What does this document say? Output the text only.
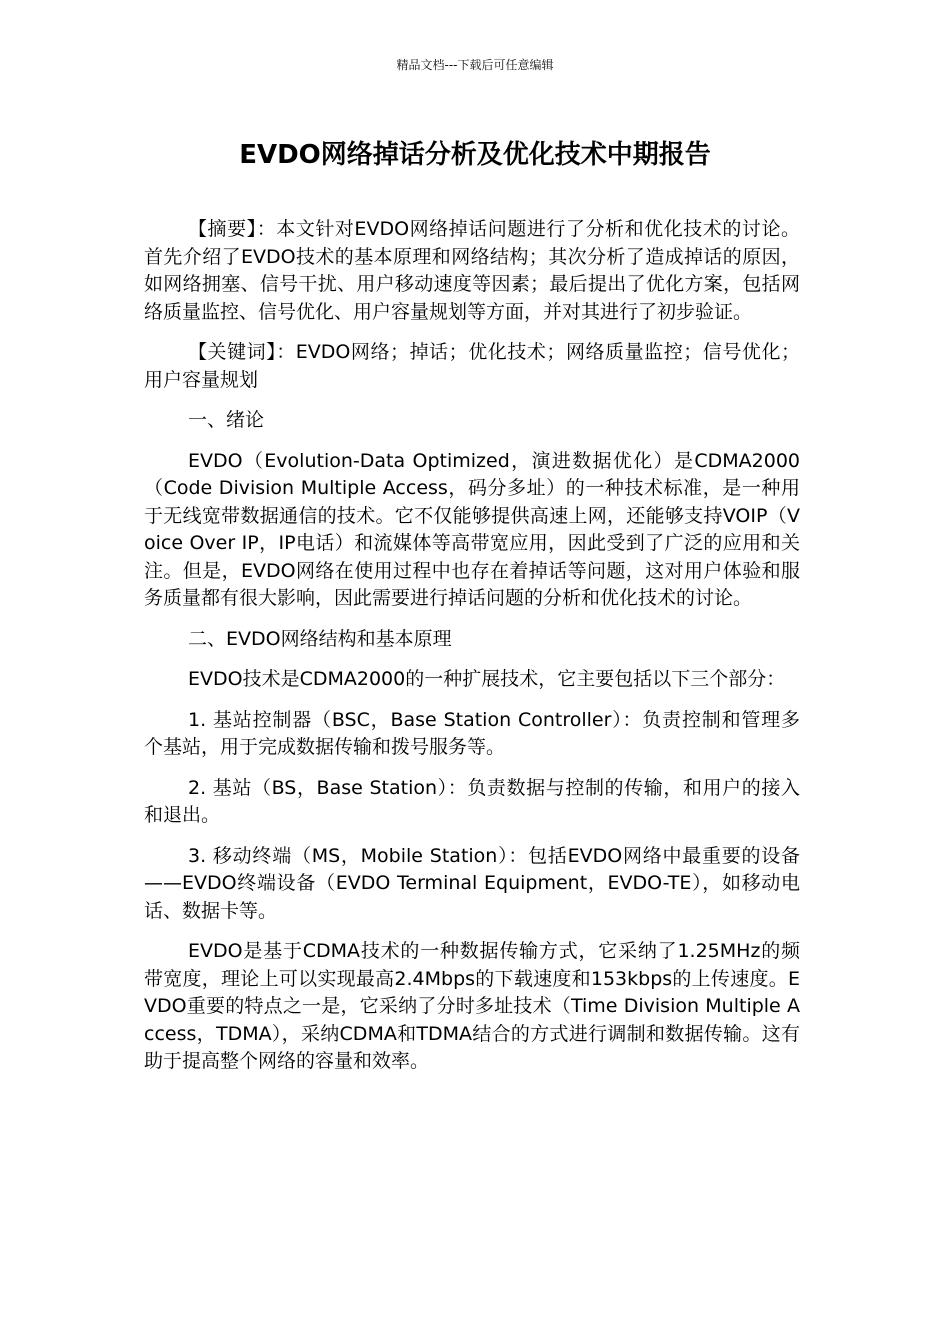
精品文档---下载后可任意编辑
EVDO网络掉话分析及优化技术中期报告

【摘要】：本文针对EVDO网络掉话问题进行了分析和优化技术的讨论。首先介绍了EVDO技术的基本原理和网络结构；其次分析了造成掉话的原因，如网络拥塞、信号干扰、用户移动速度等因素；最后提出了优化方案，包括网络质量监控、信号优化、用户容量规划等方面，并对其进行了初步验证。

【关键词】：EVDO网络；掉话；优化技术；网络质量监控；信号优化；用户容量规划

一、绪论

EVDO（Evolution-Data Optimized，演进数据优化）是CDMA2000（Code Division Multiple Access，码分多址）的一种技术标准，是一种用于无线宽带数据通信的技术。它不仅能够提供高速上网，还能够支持VOIP（Voice Over IP，IP电话）和流媒体等高带宽应用，因此受到了广泛的应用和关注。但是，EVDO网络在使用过程中也存在着掉话等问题，这对用户体验和服务质量都有很大影响，因此需要进行掉话问题的分析和优化技术的讨论。

二、EVDO网络结构和基本原理

EVDO技术是CDMA2000的一种扩展技术，它主要包括以下三个部分：

1. 基站控制器（BSC，Base Station Controller）：负责控制和管理多个基站，用于完成数据传输和拨号服务等。

2. 基站（BS，Base Station）：负责数据与控制的传输，和用户的接入和退出。

3. 移动终端（MS，Mobile Station）：包括EVDO网络中最重要的设备——EVDO终端设备（EVDO Terminal Equipment，EVDO-TE），如移动电话、数据卡等。

EVDO是基于CDMA技术的一种数据传输方式，它采纳了1.25MHz的频带宽度，理论上可以实现最高2.4Mbps的下载速度和153kbps的上传速度。EVDO重要的特点之一是，它采纳了分时多址技术（Time Division Multiple Access，TDMA），采纳CDMA和TDMA结合的方式进行调制和数据传输。这有助于提高整个网络的容量和效率。
